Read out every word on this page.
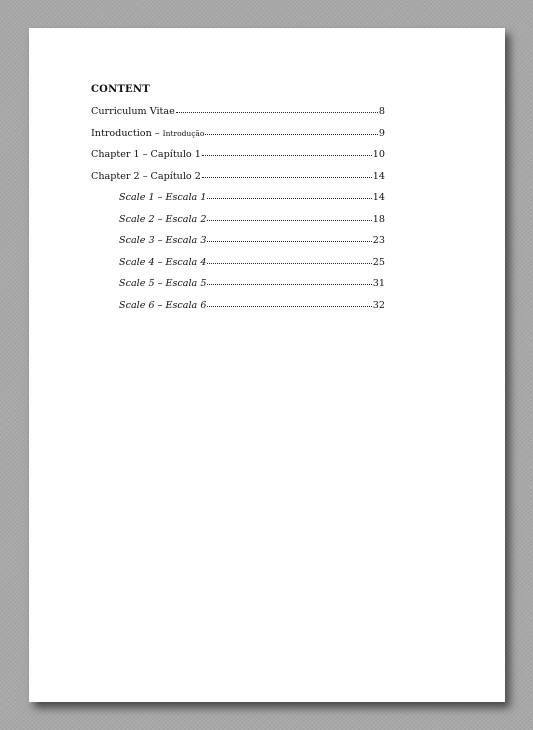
CONTENT
Curriculum Vitae	8
Introduction – Introdução	9
Chapter 1 – Capítulo 1	10
Chapter 2 – Capítulo 2	14
Scale 1 – Escala 1	14
Scale 2 – Escala 2	18
Scale 3 – Escala 3	23
Scale 4 – Escala 4	25
Scale 5 – Escala 5	31
Scale 6 – Escala 6	32
